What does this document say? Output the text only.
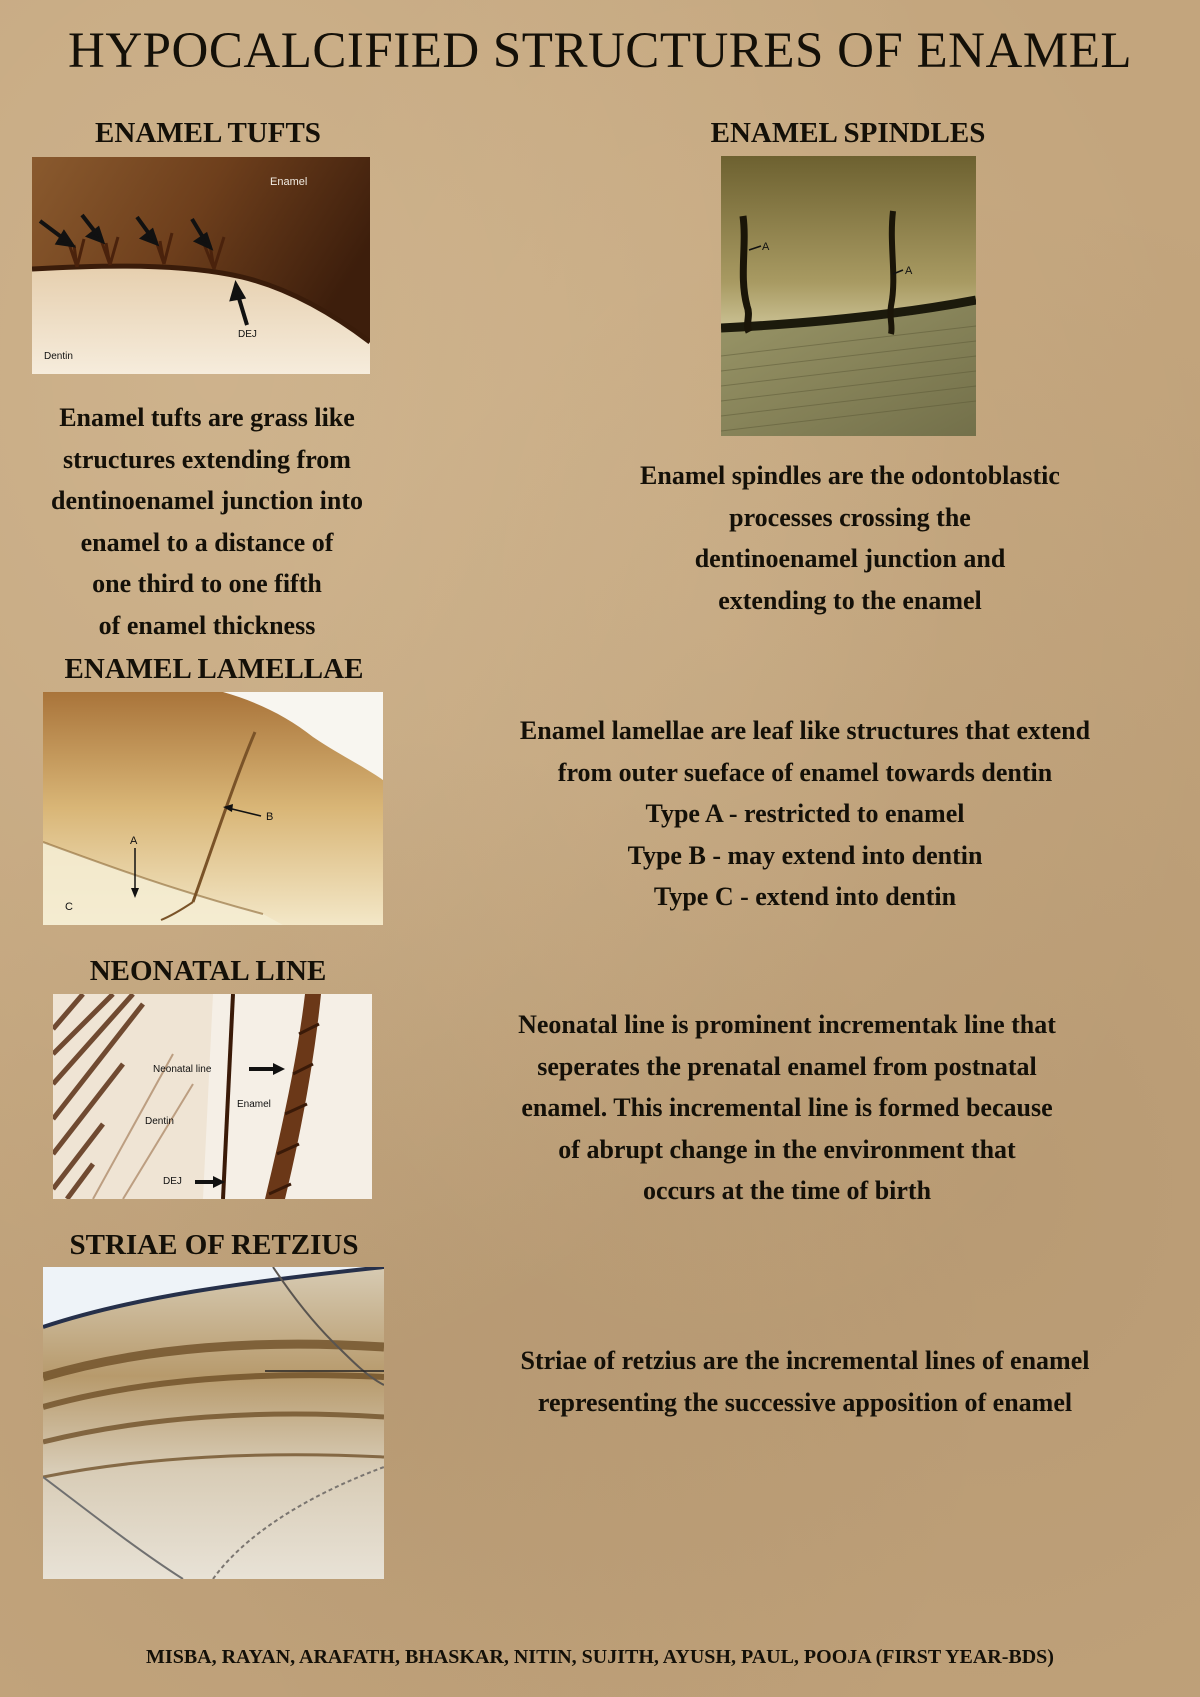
HYPOCALCIFIED STRUCTURES OF ENAMEL
ENAMEL TUFTS
Enamel
DEJ
Dentin
Enamel tufts are grass like
structures extending from
dentinoenamel junction into
enamel to a distance of
one third to one fifth
of enamel thickness
ENAMEL SPINDLES
A
A
Enamel spindles are the odontoblastic
processes crossing the
dentinoenamel junction and
extending to the enamel
ENAMEL LAMELLAE
A
B
C
Enamel lamellae are leaf like structures that extend
from outer sueface of enamel towards dentin
Type A - restricted to enamel
Type B - may extend into dentin
Type C - extend into dentin
NEONATAL LINE
Neonatal line
Enamel
Dentin
DEJ
Neonatal line is prominent incrementak line that
seperates the prenatal enamel from postnatal
enamel. This incremental line is formed because
of abrupt change in the environment that
occurs at the time of birth
STRIAE OF RETZIUS
Striae of retzius are the incremental lines of enamel
representing the successive apposition of enamel
MISBA, RAYAN, ARAFATH, BHASKAR, NITIN, SUJITH, AYUSH, PAUL, POOJA (FIRST YEAR-BDS)
